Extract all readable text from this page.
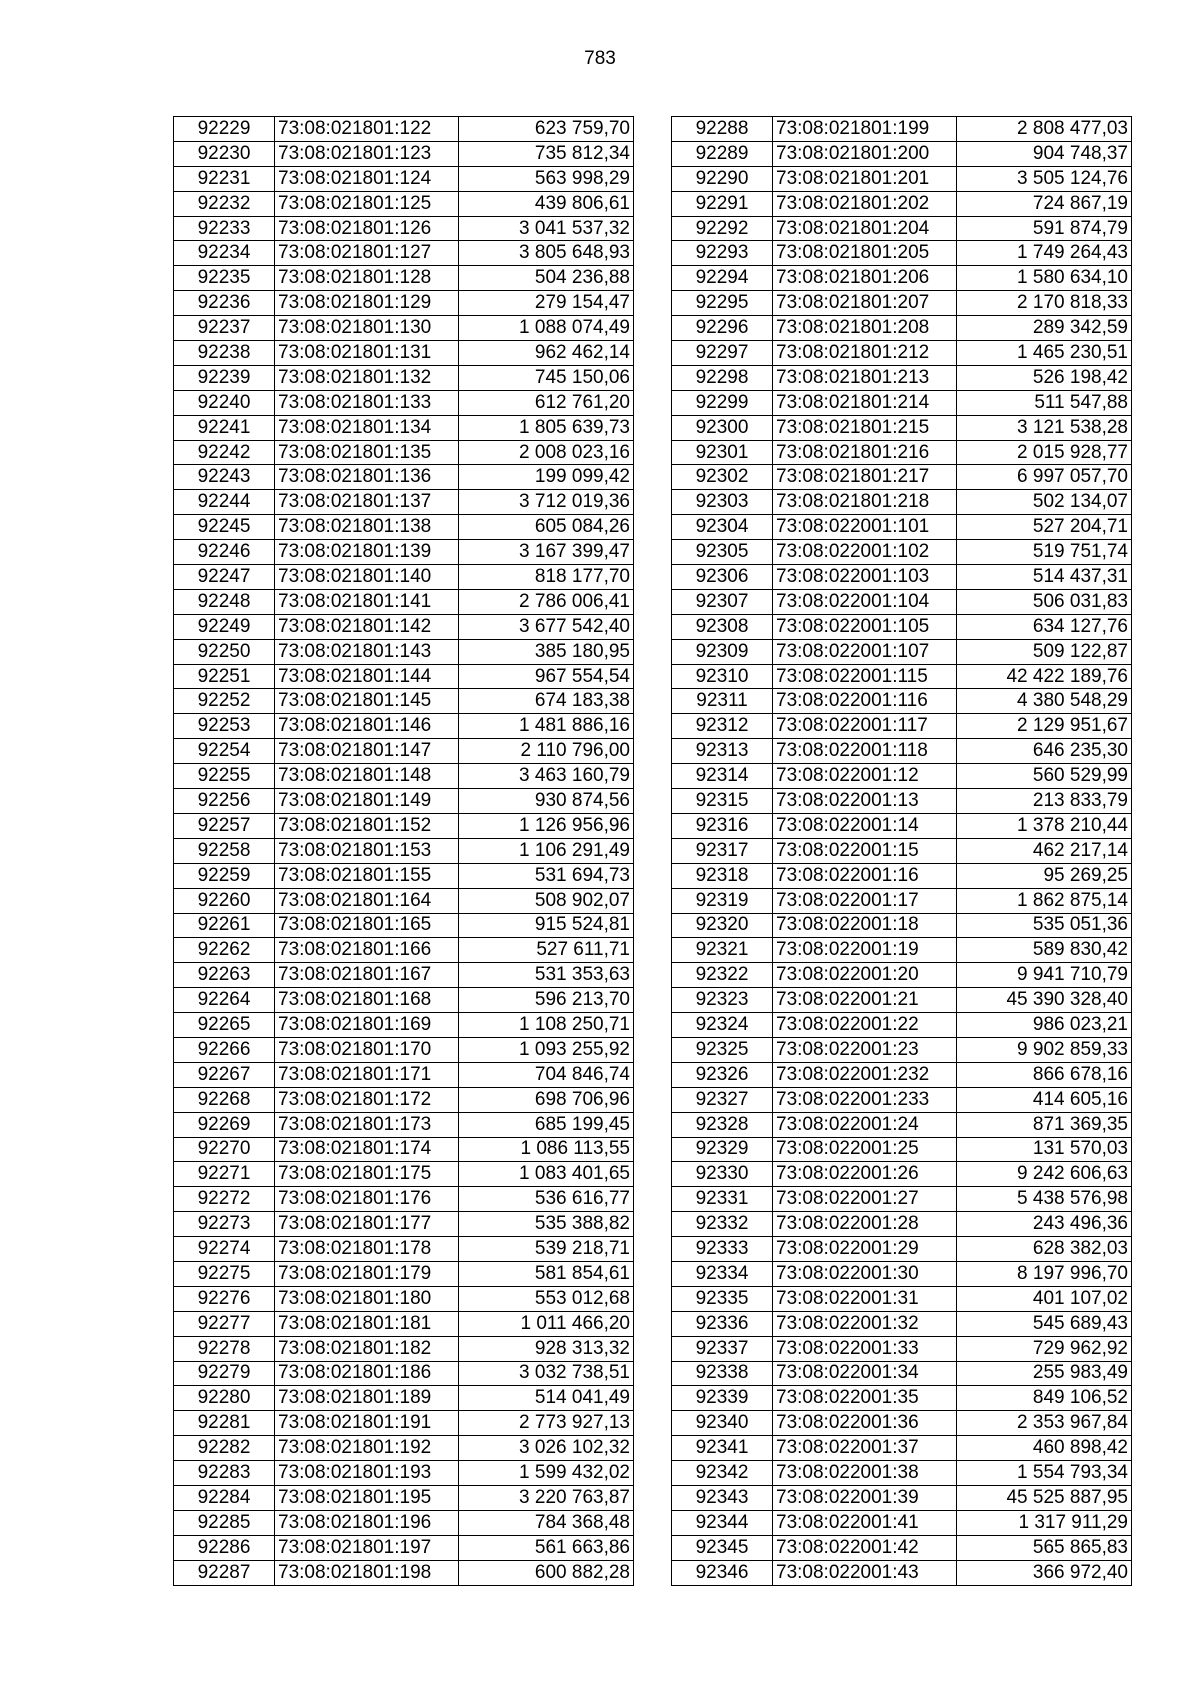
783
92229	73:08:021801:122	623 759,70
92230	73:08:021801:123	735 812,34
92231	73:08:021801:124	563 998,29
92232	73:08:021801:125	439 806,61
92233	73:08:021801:126	3 041 537,32
92234	73:08:021801:127	3 805 648,93
92235	73:08:021801:128	504 236,88
92236	73:08:021801:129	279 154,47
92237	73:08:021801:130	1 088 074,49
92238	73:08:021801:131	962 462,14
92239	73:08:021801:132	745 150,06
92240	73:08:021801:133	612 761,20
92241	73:08:021801:134	1 805 639,73
92242	73:08:021801:135	2 008 023,16
92243	73:08:021801:136	199 099,42
92244	73:08:021801:137	3 712 019,36
92245	73:08:021801:138	605 084,26
92246	73:08:021801:139	3 167 399,47
92247	73:08:021801:140	818 177,70
92248	73:08:021801:141	2 786 006,41
92249	73:08:021801:142	3 677 542,40
92250	73:08:021801:143	385 180,95
92251	73:08:021801:144	967 554,54
92252	73:08:021801:145	674 183,38
92253	73:08:021801:146	1 481 886,16
92254	73:08:021801:147	2 110 796,00
92255	73:08:021801:148	3 463 160,79
92256	73:08:021801:149	930 874,56
92257	73:08:021801:152	1 126 956,96
92258	73:08:021801:153	1 106 291,49
92259	73:08:021801:155	531 694,73
92260	73:08:021801:164	508 902,07
92261	73:08:021801:165	915 524,81
92262	73:08:021801:166	527 611,71
92263	73:08:021801:167	531 353,63
92264	73:08:021801:168	596 213,70
92265	73:08:021801:169	1 108 250,71
92266	73:08:021801:170	1 093 255,92
92267	73:08:021801:171	704 846,74
92268	73:08:021801:172	698 706,96
92269	73:08:021801:173	685 199,45
92270	73:08:021801:174	1 086 113,55
92271	73:08:021801:175	1 083 401,65
92272	73:08:021801:176	536 616,77
92273	73:08:021801:177	535 388,82
92274	73:08:021801:178	539 218,71
92275	73:08:021801:179	581 854,61
92276	73:08:021801:180	553 012,68
92277	73:08:021801:181	1 011 466,20
92278	73:08:021801:182	928 313,32
92279	73:08:021801:186	3 032 738,51
92280	73:08:021801:189	514 041,49
92281	73:08:021801:191	2 773 927,13
92282	73:08:021801:192	3 026 102,32
92283	73:08:021801:193	1 599 432,02
92284	73:08:021801:195	3 220 763,87
92285	73:08:021801:196	784 368,48
92286	73:08:021801:197	561 663,86
92287	73:08:021801:198	600 882,28
92288	73:08:021801:199	2 808 477,03
92289	73:08:021801:200	904 748,37
92290	73:08:021801:201	3 505 124,76
92291	73:08:021801:202	724 867,19
92292	73:08:021801:204	591 874,79
92293	73:08:021801:205	1 749 264,43
92294	73:08:021801:206	1 580 634,10
92295	73:08:021801:207	2 170 818,33
92296	73:08:021801:208	289 342,59
92297	73:08:021801:212	1 465 230,51
92298	73:08:021801:213	526 198,42
92299	73:08:021801:214	511 547,88
92300	73:08:021801:215	3 121 538,28
92301	73:08:021801:216	2 015 928,77
92302	73:08:021801:217	6 997 057,70
92303	73:08:021801:218	502 134,07
92304	73:08:022001:101	527 204,71
92305	73:08:022001:102	519 751,74
92306	73:08:022001:103	514 437,31
92307	73:08:022001:104	506 031,83
92308	73:08:022001:105	634 127,76
92309	73:08:022001:107	509 122,87
92310	73:08:022001:115	42 422 189,76
92311	73:08:022001:116	4 380 548,29
92312	73:08:022001:117	2 129 951,67
92313	73:08:022001:118	646 235,30
92314	73:08:022001:12	560 529,99
92315	73:08:022001:13	213 833,79
92316	73:08:022001:14	1 378 210,44
92317	73:08:022001:15	462 217,14
92318	73:08:022001:16	95 269,25
92319	73:08:022001:17	1 862 875,14
92320	73:08:022001:18	535 051,36
92321	73:08:022001:19	589 830,42
92322	73:08:022001:20	9 941 710,79
92323	73:08:022001:21	45 390 328,40
92324	73:08:022001:22	986 023,21
92325	73:08:022001:23	9 902 859,33
92326	73:08:022001:232	866 678,16
92327	73:08:022001:233	414 605,16
92328	73:08:022001:24	871 369,35
92329	73:08:022001:25	131 570,03
92330	73:08:022001:26	9 242 606,63
92331	73:08:022001:27	5 438 576,98
92332	73:08:022001:28	243 496,36
92333	73:08:022001:29	628 382,03
92334	73:08:022001:30	8 197 996,70
92335	73:08:022001:31	401 107,02
92336	73:08:022001:32	545 689,43
92337	73:08:022001:33	729 962,92
92338	73:08:022001:34	255 983,49
92339	73:08:022001:35	849 106,52
92340	73:08:022001:36	2 353 967,84
92341	73:08:022001:37	460 898,42
92342	73:08:022001:38	1 554 793,34
92343	73:08:022001:39	45 525 887,95
92344	73:08:022001:41	1 317 911,29
92345	73:08:022001:42	565 865,83
92346	73:08:022001:43	366 972,40
